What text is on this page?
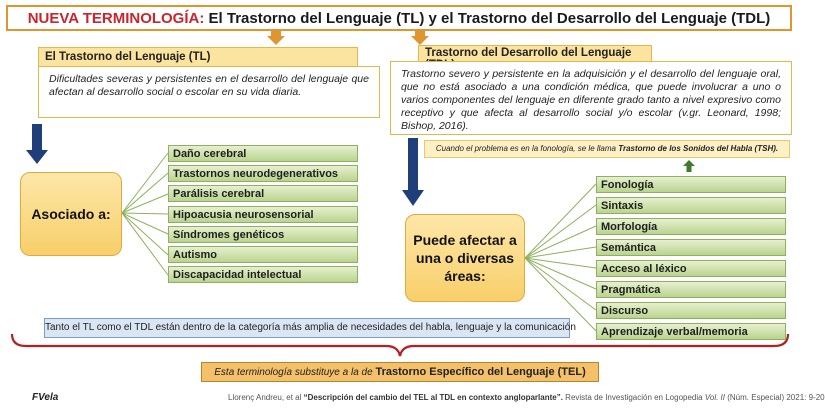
NUEVA TERMINOLOGÍA: El Trastorno del Lenguaje (TL) y el Trastorno del Desarrollo del Lenguaje (TDL)
El Trastorno del Lenguaje (TL)
Dificultades severas y persistentes en el desarrollo del lenguaje que afectan al desarrollo social o escolar en su vida diaria.
Trastorno del Desarrollo del Lenguaje
Trastorno severo y persistente en la adquisición y el desarrollo del lenguaje oral, que no está asociado a una condición médica, que puede involucrar a uno o varios componentes del lenguaje en diferente grado tanto a nivel expresivo como receptivo y que afecta al desarrollo social y/o escolar (v.gr. Leonard, 1998; Bishop, 2016).
Cuando el problema es en la fonología, se le llama Trastorno de los Sonidos del Habla (TSH).
Asociado a:
Daño cerebral
Trastornos neurodegenerativos
Parálisis cerebral
Hipoacusia neurosensorial
Síndromes genéticos
Autismo
Discapacidad intelectual
Puede afectar a una o diversas áreas:
Fonología
Sintaxis
Morfología
Semántica
Acceso al léxico
Pragmática
Discurso
Aprendizaje verbal/memoria
Tanto el TL como el TDL están dentro de la categoría más amplia de necesidades del habla, lenguaje y la comunicación
Esta terminología substituye a la de Trastorno Específico del Lenguaje (TEL)
FVela	Llorenç Andreu, et al “Descripción del cambio del TEL al TDL en contexto angloparlante”. Revista de Investigación en Logopedia Vol. II (Núm. Especial) 2021: 9-20
